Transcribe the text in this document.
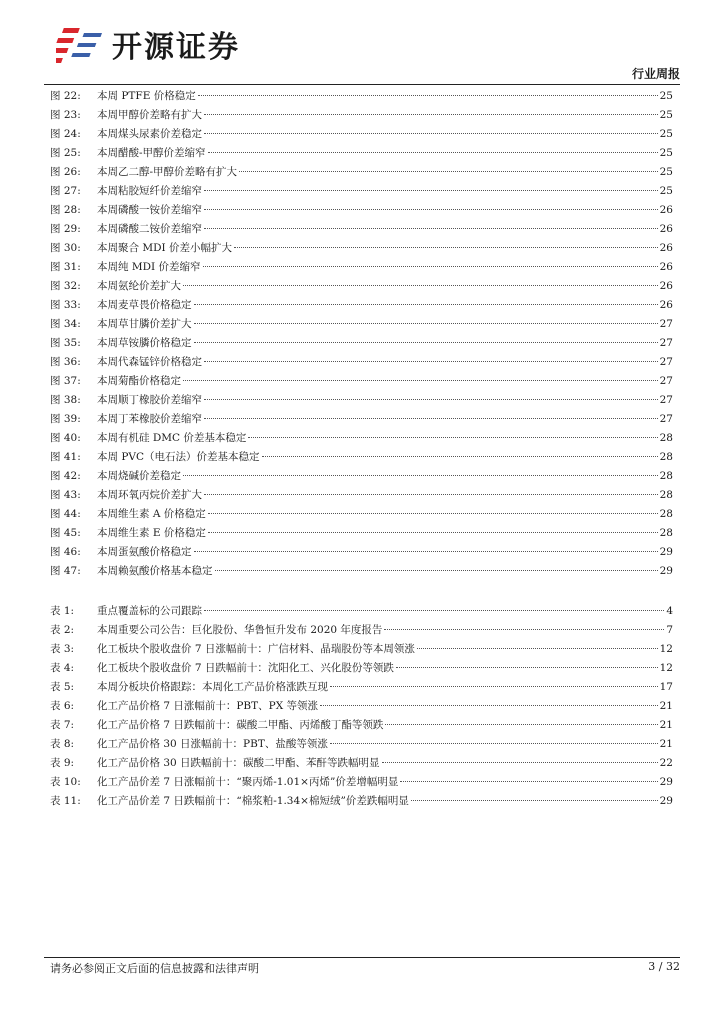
开源证券
行业周报
图 22:	本周 PTFE 价格稳定	25
图 23:	本周甲醇价差略有扩大	25
图 24:	本周煤头尿素价差稳定	25
图 25:	本周醋酸-甲醇价差缩窄	25
图 26:	本周乙二醇-甲醇价差略有扩大	25
图 27:	本周粘胶短纤价差缩窄	25
图 28:	本周磷酸一铵价差缩窄	26
图 29:	本周磷酸二铵价差缩窄	26
图 30:	本周聚合 MDI 价差小幅扩大	26
图 31:	本周纯 MDI 价差缩窄	26
图 32:	本周氨纶价差扩大	26
图 33:	本周麦草畏价格稳定	26
图 34:	本周草甘膦价差扩大	27
图 35:	本周草铵膦价格稳定	27
图 36:	本周代森锰锌价格稳定	27
图 37:	本周菊酯价格稳定	27
图 38:	本周顺丁橡胶价差缩窄	27
图 39:	本周丁苯橡胶价差缩窄	27
图 40:	本周有机硅 DMC 价差基本稳定	28
图 41:	本周 PVC（电石法）价差基本稳定	28
图 42:	本周烧碱价差稳定	28
图 43:	本周环氧丙烷价差扩大	28
图 44:	本周维生素 A 价格稳定	28
图 45:	本周维生素 E 价格稳定	28
图 46:	本周蛋氨酸价格稳定	29
图 47:	本周赖氨酸价格基本稳定	29
表 1:	重点覆盖标的公司跟踪	4
表 2:	本周重要公司公告：巨化股份、华鲁恒升发布 2020 年度报告	7
表 3:	化工板块个股收盘价 7 日涨幅前十：广信材料、晶瑞股份等本周领涨	12
表 4:	化工板块个股收盘价 7 日跌幅前十：沈阳化工、兴化股份等领跌	12
表 5:	本周分板块价格跟踪：本周化工产品价格涨跌互现	17
表 6:	化工产品价格 7 日涨幅前十：PBT、PX 等领涨	21
表 7:	化工产品价格 7 日跌幅前十：碳酸二甲酯、丙烯酸丁酯等领跌	21
表 8:	化工产品价格 30 日涨幅前十：PBT、盐酸等领涨	21
表 9:	化工产品价格 30 日跌幅前十：碳酸二甲酯、苯酐等跌幅明显	22
表 10:	化工产品价差 7 日涨幅前十：“聚丙烯-1.01×丙烯”价差增幅明显	29
表 11:	化工产品价差 7 日跌幅前十：“棉浆粕-1.34×棉短绒”价差跌幅明显	29
请务必参阅正文后面的信息披露和法律声明	3 / 32
